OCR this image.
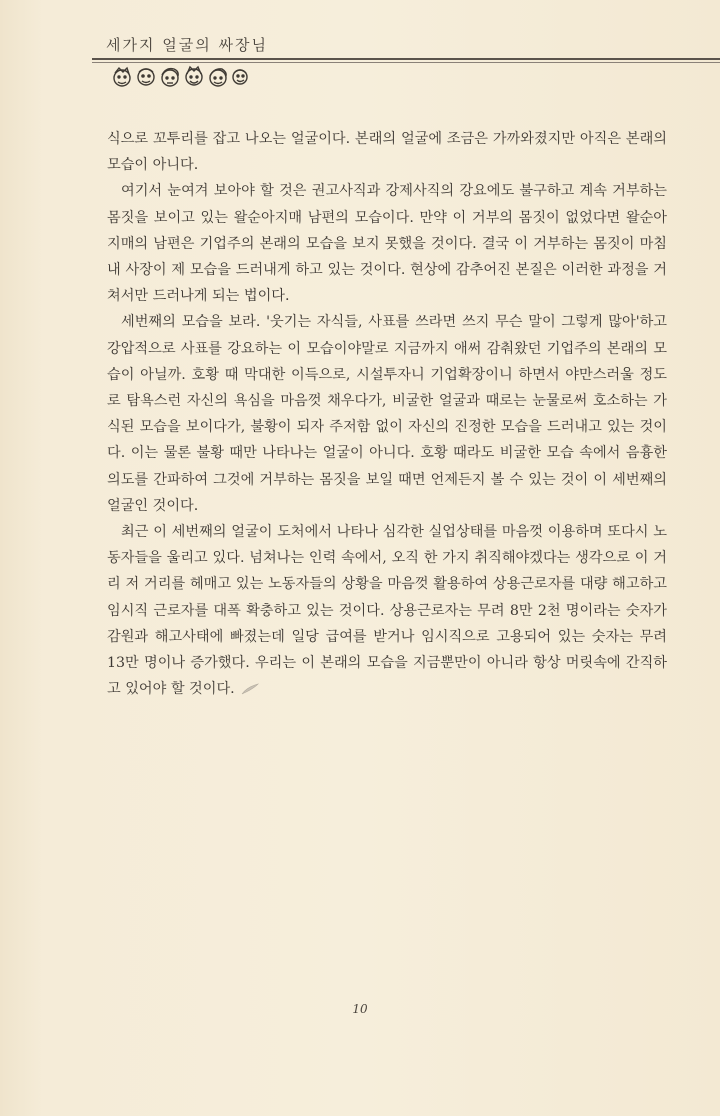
세가지 얼굴의 싸장님

식으로 꼬투리를 잡고 나오는 얼굴이다. 본래의 얼굴에 조금은 가까와졌지만 아직은 본래의 모습이 아니다.

여기서 눈여겨 보아야 할 것은 권고사직과 강제사직의 강요에도 불구하고 계속 거부하는 몸짓을 보이고 있는 왈순아지매 남편의 모습이다. 만약 이 거부의 몸짓이 없었다면 왈순아지매의 남편은 기업주의 본래의 모습을 보지 못했을 것이다. 결국 이 거부하는 몸짓이 마침내 사장이 제 모습을 드러내게 하고 있는 것이다. 현상에 감추어진 본질은 이러한 과정을 거쳐서만 드러나게 되는 법이다.

세번째의 모습을 보라. '웃기는 자식들, 사표를 쓰라면 쓰지 무슨 말이 그렇게 많아'하고 강압적으로 사표를 강요하는 이 모습이야말로 지금까지 애써 감춰왔던 기업주의 본래의 모습이 아닐까. 호황 때 막대한 이득으로, 시설투자니 기업확장이니 하면서 야만스러울 정도로 탐욕스런 자신의 욕심을 마음껏 채우다가, 비굴한 얼굴과 때로는 눈물로써 호소하는 가식된 모습을 보이다가, 불황이 되자 주저함 없이 자신의 진정한 모습을 드러내고 있는 것이다. 이는 물론 불황 때만 나타나는 얼굴이 아니다. 호황 때라도 비굴한 모습 속에서 음흉한 의도를 간파하여 그것에 거부하는 몸짓을 보일 때면 언제든지 볼 수 있는 것이 이 세번째의 얼굴인 것이다.

최근 이 세번째의 얼굴이 도처에서 나타나 심각한 실업상태를 마음껏 이용하며 또다시 노동자들을 울리고 있다. 넘쳐나는 인력 속에서, 오직 한 가지 취직해야겠다는 생각으로 이 거리 저 거리를 헤매고 있는 노동자들의 상황을 마음껏 활용하여 상용근로자를 대량 해고하고 임시직 근로자를 대폭 확충하고 있는 것이다. 상용근로자는 무려 8만 2천 명이라는 숫자가 감원과 해고사태에 빠졌는데 일당 급여를 받거나 임시직으로 고용되어 있는 숫자는 무려 13만 명이나 증가했다. 우리는 이 본래의 모습을 지금뿐만이 아니라 항상 머릿속에 간직하고 있어야 할 것이다.

10
